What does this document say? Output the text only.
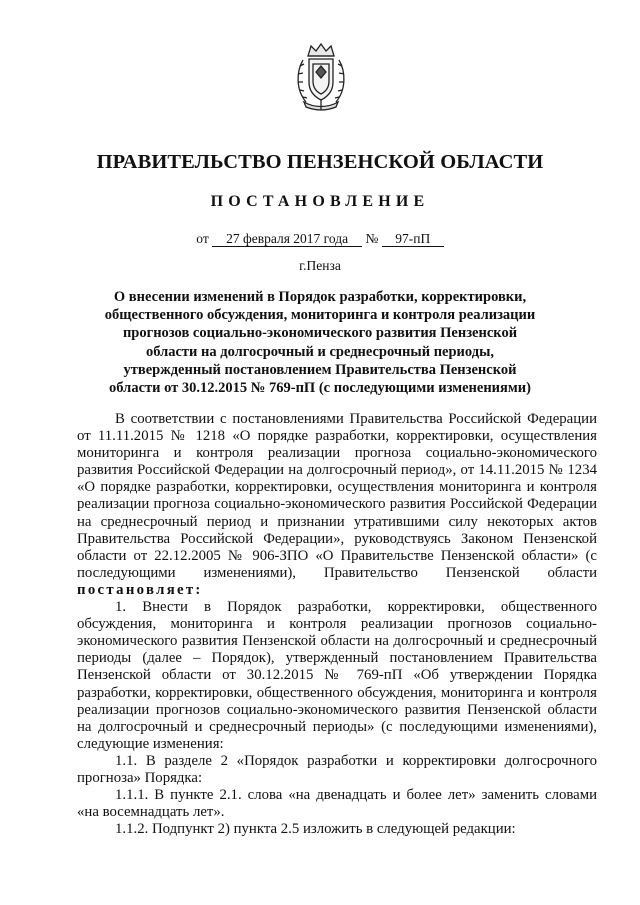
ПРАВИТЕЛЬСТВО ПЕНЗЕНСКОЙ ОБЛАСТИ
ПОСТАНОВЛЕНИЕ
от 27 февраля 2017 года № 97-пП
г.Пенза
О внесении изменений в Порядок разработки, корректировки, общественного обсуждения, мониторинга и контроля реализации прогнозов социально-экономического развития Пензенской области на долгосрочный и среднесрочный периоды, утвержденный постановлением Правительства Пензенской области от 30.12.2015 № 769-пП (с последующими изменениями)

В соответствии с постановлениями Правительства Российской Федерации от 11.11.2015 № 1218 «О порядке разработки, корректировки, осуществления мониторинга и контроля реализации прогноза социально-экономического развития Российской Федерации на долгосрочный период», от 14.11.2015 № 1234 «О порядке разработки, корректировки, осуществления мониторинга и контроля реализации прогноза социально-экономического развития Российской Федерации на среднесрочный период и признании утратившими силу некоторых актов Правительства Российской Федерации», руководствуясь Законом Пензенской области от 22.12.2005 № 906-ЗПО «О Правительстве Пензенской области» (с последующими изменениями), Правительство Пензенской области постановляет:

1. Внести в Порядок разработки, корректировки, общественного обсуждения, мониторинга и контроля реализации прогнозов социально-экономического развития Пензенской области на долгосрочный и среднесрочный периоды (далее – Порядок), утвержденный постановлением Правительства Пензенской области от 30.12.2015 № 769-пП «Об утверждении Порядка разработки, корректировки, общественного обсуждения, мониторинга и контроля реализации прогнозов социально-экономического развития Пензенской области на долгосрочный и среднесрочный периоды» (с последующими изменениями), следующие изменения:

1.1. В разделе 2 «Порядок разработки и корректировки долгосрочного прогноза» Порядка:

1.1.1. В пункте 2.1. слова «на двенадцать и более лет» заменить словами «на восемнадцать лет».

1.1.2. Подпункт 2) пункта 2.5 изложить в следующей редакции:
